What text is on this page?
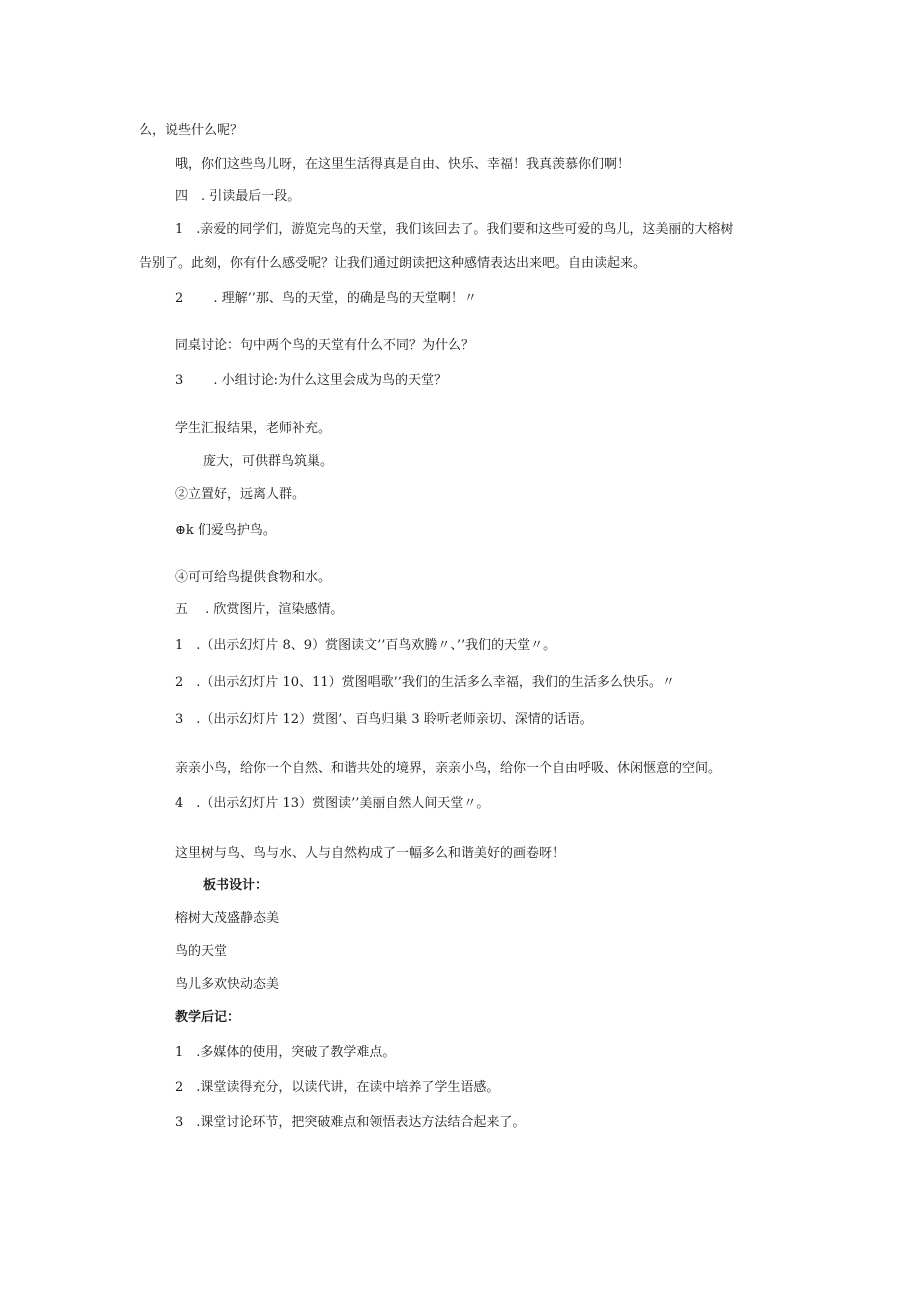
么，说些什么呢？
哦，你们这些鸟儿呀，在这里生活得真是自由、快乐、幸福！我真羡慕你们啊！
四　. 引读最后一段。
1　.亲爱的同学们，游览完鸟的天堂，我们该回去了。我们要和这些可爱的鸟儿，这美丽的大榕树
告别了。此刻，你有什么感受呢？让我们通过朗读把这种感情表达出来吧。自由读起来。
2　　 . 理解’’那、鸟的天堂，的确是鸟的天堂啊！〃
同桌讨论：句中两个鸟的天堂有什么不同？为什么？
3　　 . 小组讨论:为什么这里会成为鸟的天堂？
学生汇报结果，老师补充。
庞大，可供群鸟筑巢。
②立置好，远离人群。
⊕k 们爱鸟护鸟。
④可可给鸟提供食物和水。
五　 . 欣赏图片，渲染感情。
1　.（出示幻灯片 8、9）赏图读文’’百鸟欢腾〃、’’我们的天堂〃。
2　.（出示幻灯片 10、11）赏图唱歌’’我们的生活多么幸福，我们的生活多么快乐。〃
3　.（出示幻灯片 12）赏图’、百鸟归巢 3 聆听老师亲切、深情的话语。
亲亲小鸟，给你一个自然、和谐共处的境界，亲亲小鸟，给你一个自由呼吸、休闲惬意的空间。
4　.（出示幻灯片 13）赏图读’’美丽自然人间天堂〃。
这里树与鸟、鸟与水、人与自然构成了一幅多么和谐美好的画卷呀！
板书设计：
榕树大茂盛静态美
鸟的天堂
鸟儿多欢快动态美
教学后记：
1　.多媒体的使用，突破了教学难点。
2　.课堂读得充分，以读代讲，在读中培养了学生语感。
3　.课堂讨论环节，把突破难点和领悟表达方法结合起来了。
